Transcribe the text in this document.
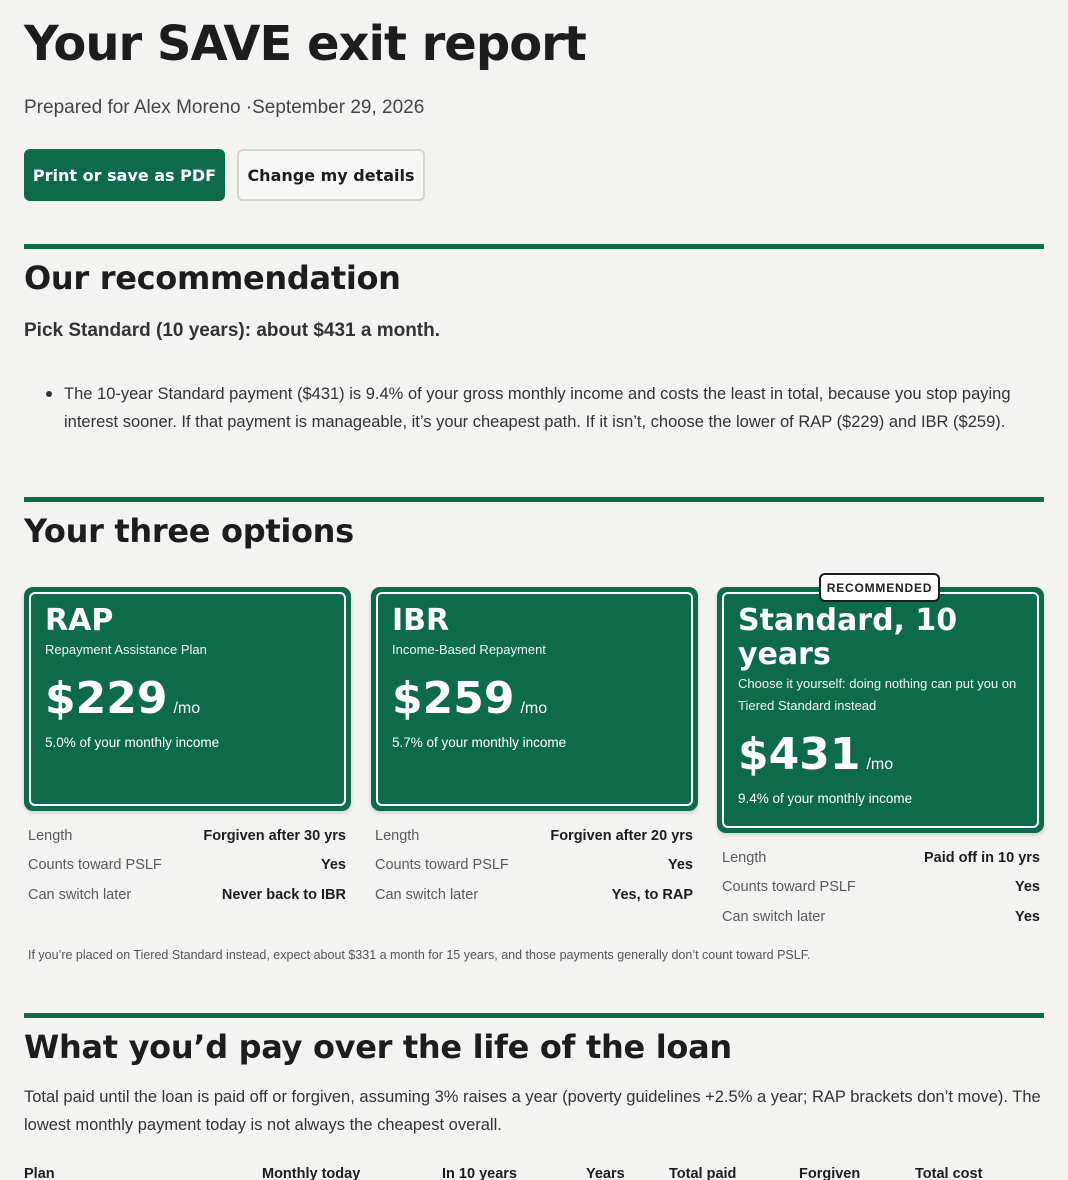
Your SAVE exit report
Prepared for Alex Moreno ·September 29, 2026
Print or save as PDF	Change my details
Our recommendation
Pick Standard (10 years): about $431 a month.
The 10-year Standard payment ($431) is 9.4% of your gross monthly income and costs the least in total, because you stop paying interest sooner. If that payment is manageable, it’s your cheapest path. If it isn’t, choose the lower of RAP ($229) and IBR ($259).
Your three options
RAP
Repayment Assistance Plan
$229 /mo
5.0% of your monthly income
Length	Forgiven after 30 yrs
Counts toward PSLF	Yes
Can switch later	Never back to IBR
IBR
Income-Based Repayment
$259 /mo
5.7% of your monthly income
Length	Forgiven after 20 yrs
Counts toward PSLF	Yes
Can switch later	Yes, to RAP
RECOMMENDED
Standard, 10 years
Choose it yourself: doing nothing can put you on Tiered Standard instead
$431 /mo
9.4% of your monthly income
Length	Paid off in 10 yrs
Counts toward PSLF	Yes
Can switch later	Yes
If you’re placed on Tiered Standard instead, expect about $331 a month for 15 years, and those payments generally don’t count toward PSLF.
What you’d pay over the life of the loan
Total paid until the loan is paid off or forgiven, assuming 3% raises a year (poverty guidelines +2.5% a year; RAP brackets don’t move). The lowest monthly payment today is not always the cheapest overall.
Plan	Monthly today	In 10 years	Years	Total paid	Forgiven	Total cost
